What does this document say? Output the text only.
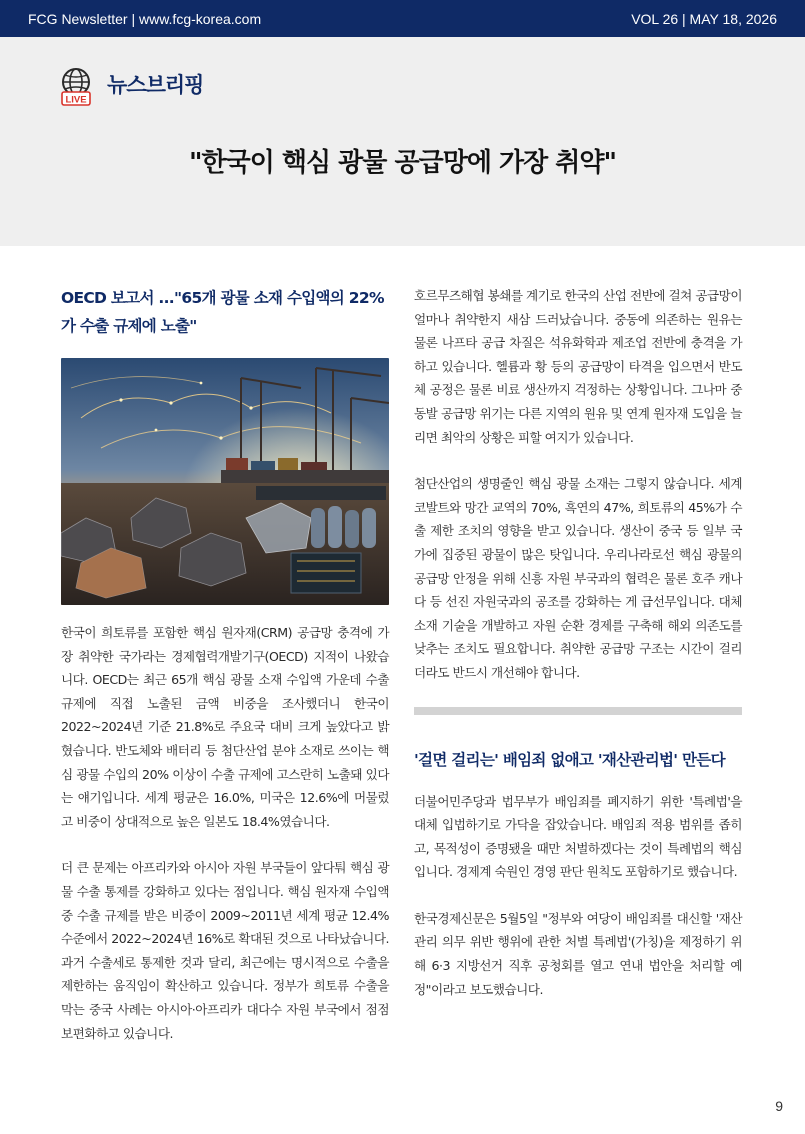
FCG Newsletter | www.fcg-korea.com	VOL 26 | MAY 18, 2026
LIVE
뉴스브리핑
"한국이 핵심 광물 공급망에 가장 취약"
OECD 보고서 ..."65개 광물 소재 수입액의 22%가 수출 규제에 노출"

한국이 희토류를 포함한 핵심 원자재(CRM) 공급망 충격에 가장 취약한 국가라는 경제협력개발기구(OECD) 지적이 나왔습니다. OECD는 최근 65개 핵심 광물 소재 수입액 가운데 수출 규제에 직접 노출된 금액 비중을 조사했더니 한국이 2022~2024년 기준 21.8%로 주요국 대비 크게 높았다고 밝혔습니다. 반도체와 배터리 등 첨단산업 분야 소재로 쓰이는 핵심 광물 수입의 20% 이상이 수출 규제에 고스란히 노출돼 있다는 얘기입니다. 세계 평균은 16.0%, 미국은 12.6%에 머물렀고 비중이 상대적으로 높은 일본도 18.4%였습니다.

더 큰 문제는 아프리카와 아시아 자원 부국들이 앞다퉈 핵심 광물 수출 통제를 강화하고 있다는 점입니다. 핵심 원자재 수입액 중 수출 규제를 받은 비중이 2009~2011년 세계 평균 12.4% 수준에서 2022~2024년 16%로 확대된 것으로 나타났습니다. 과거 수출세로 통제한 것과 달리, 최근에는 명시적으로 수출을 제한하는 움직임이 확산하고 있습니다. 정부가 희토류 수출을 막는 중국 사례는 아시아·아프리카 대다수 자원 부국에서 점점 보편화하고 있습니다.

호르무즈해협 봉쇄를 계기로 한국의 산업 전반에 걸쳐 공급망이 얼마나 취약한지 새삼 드러났습니다. 중동에 의존하는 원유는 물론 나프타 공급 차질은 석유화학과 제조업 전반에 충격을 가하고 있습니다. 헬륨과 황 등의 공급망이 타격을 입으면서 반도체 공정은 물론 비료 생산까지 걱정하는 상황입니다. 그나마 중동발 공급망 위기는 다른 지역의 원유 및 연계 원자재 도입을 늘리면 최악의 상황은 피할 여지가 있습니다.

첨단산업의 생명줄인 핵심 광물 소재는 그렇지 않습니다. 세계 코발트와 망간 교역의 70%, 흑연의 47%, 희토류의 45%가 수출 제한 조치의 영향을 받고 있습니다. 생산이 중국 등 일부 국가에 집중된 광물이 많은 탓입니다. 우리나라로선 핵심 광물의 공급망 안정을 위해 신흥 자원 부국과의 협력은 물론 호주 캐나다 등 선진 자원국과의 공조를 강화하는 게 급선무입니다. 대체 소재 기술을 개발하고 자원 순환 경제를 구축해 해외 의존도를 낮추는 조치도 필요합니다. 취약한 공급망 구조는 시간이 걸리더라도 반드시 개선해야 합니다.

'걸면 걸리는' 배임죄 없애고 '재산관리법' 만든다

더불어민주당과 법무부가 배임죄를 폐지하기 위한 '특례법'을 대체 입법하기로 가닥을 잡았습니다. 배임죄 적용 범위를 좁히고, 목적성이 증명됐을 때만 처벌하겠다는 것이 특례법의 핵심입니다. 경제계 숙원인 경영 판단 원칙도 포함하기로 했습니다.

한국경제신문은 5월5일 "정부와 여당이 배임죄를 대신할 '재산관리 의무 위반 행위에 관한 처벌 특례법'(가칭)을 제정하기 위해 6·3 지방선거 직후 공청회를 열고 연내 법안을 처리할 예정"이라고 보도했습니다.

9
